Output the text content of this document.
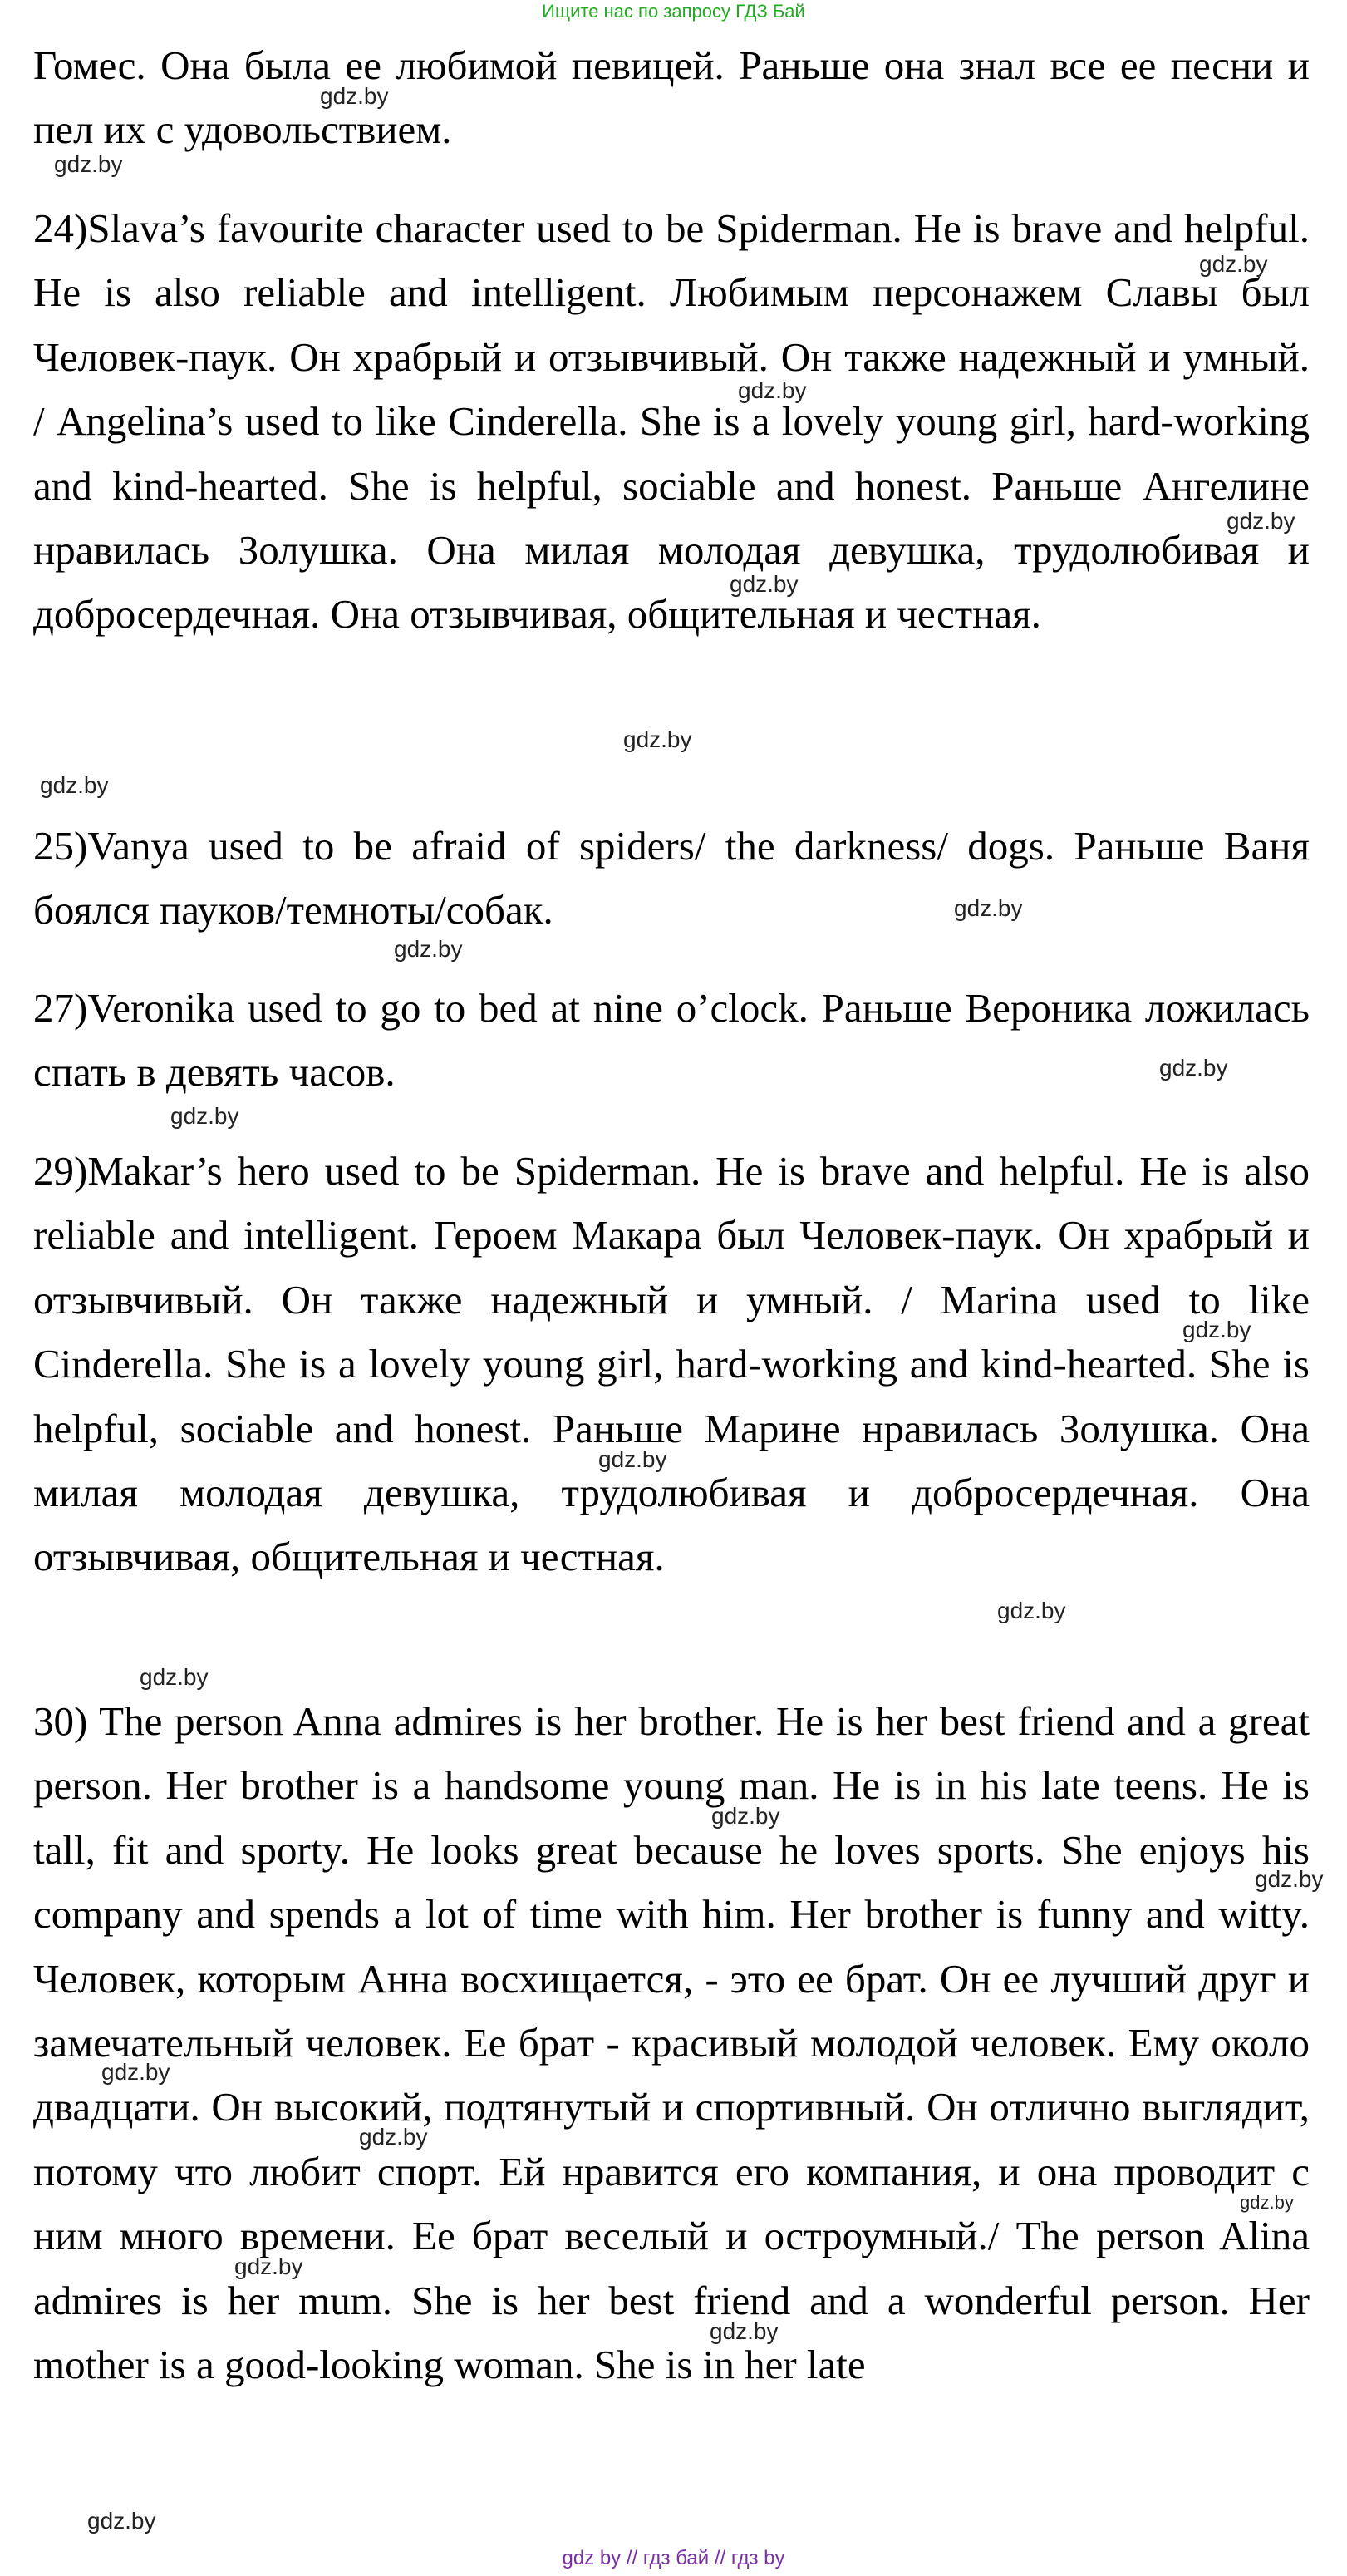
Ищите нас по запросу ГДЗ Бай

Гомес. Она была ее любимой певицей. Раньше она знал все ее песни и пел их с удовольствием.

24)Slava’s favourite character used to be Spiderman. He is brave and helpful. He is also reliable and intelligent. Любимым персонажем Славы был Человек-паук. Он храбрый и отзывчивый. Он также надежный и умный. / Angelina’s used to like Cinderella. She is a lovely young girl, hard-working and kind-hearted. She is helpful, sociable and honest. Раньше Ангелине нравилась Золушка. Она милая молодая девушка, трудолюбивая и добросердечная. Она отзывчивая, общительная и честная.

25)Vanya used to be afraid of spiders/ the darkness/ dogs. Раньше Ваня боялся пауков/темноты/собак.

27)Veronika used to go to bed at nine o’clock. Раньше Вероника ложилась спать в девять часов.

29)Makar’s hero used to be Spiderman. He is brave and helpful. He is also reliable and intelligent. Героем Макара был Человек-паук. Он храбрый и отзывчивый. Он также надежный и умный. / Marina used to like Cinderella. She is a lovely young girl, hard-working and kind-hearted. She is helpful, sociable and honest. Раньше Марине нравилась Золушка. Она милая молодая девушка, трудолюбивая и добросердечная. Она отзывчивая, общительная и честная.

30) The person Anna admires is her brother. He is her best friend and a great person. Her brother is a handsome young man. He is in his late teens. He is tall, fit and sporty. He looks great because he loves sports. She enjoys his company and spends a lot of time with him. Her brother is funny and witty. Человек, которым Анна восхищается, - это ее брат. Он ее лучший друг и замечательный человек. Ее брат - красивый молодой человек. Ему около двадцати. Он высокий, подтянутый и спортивный. Он отлично выглядит, потому что любит спорт. Ей нравится его компания, и она проводит с ним много времени. Ее брат веселый и остроумный./ The person Alina admires is her mum. She is her best friend and a wonderful person. Her mother is a good-looking woman. She is in her late

gdz.by
gdz.by
gdz.by
gdz.by
gdz.by
gdz.by
gdz.by
gdz.by
gdz.by
gdz.by
gdz.by
gdz.by
gdz.by
gdz.by
gdz.by
gdz.by
gdz.by
gdz.by
gdz.by
gdz.by
gdz.by
gdz.by
gdz.by
gdz.by
gdz by // гдз бай // гдз by
